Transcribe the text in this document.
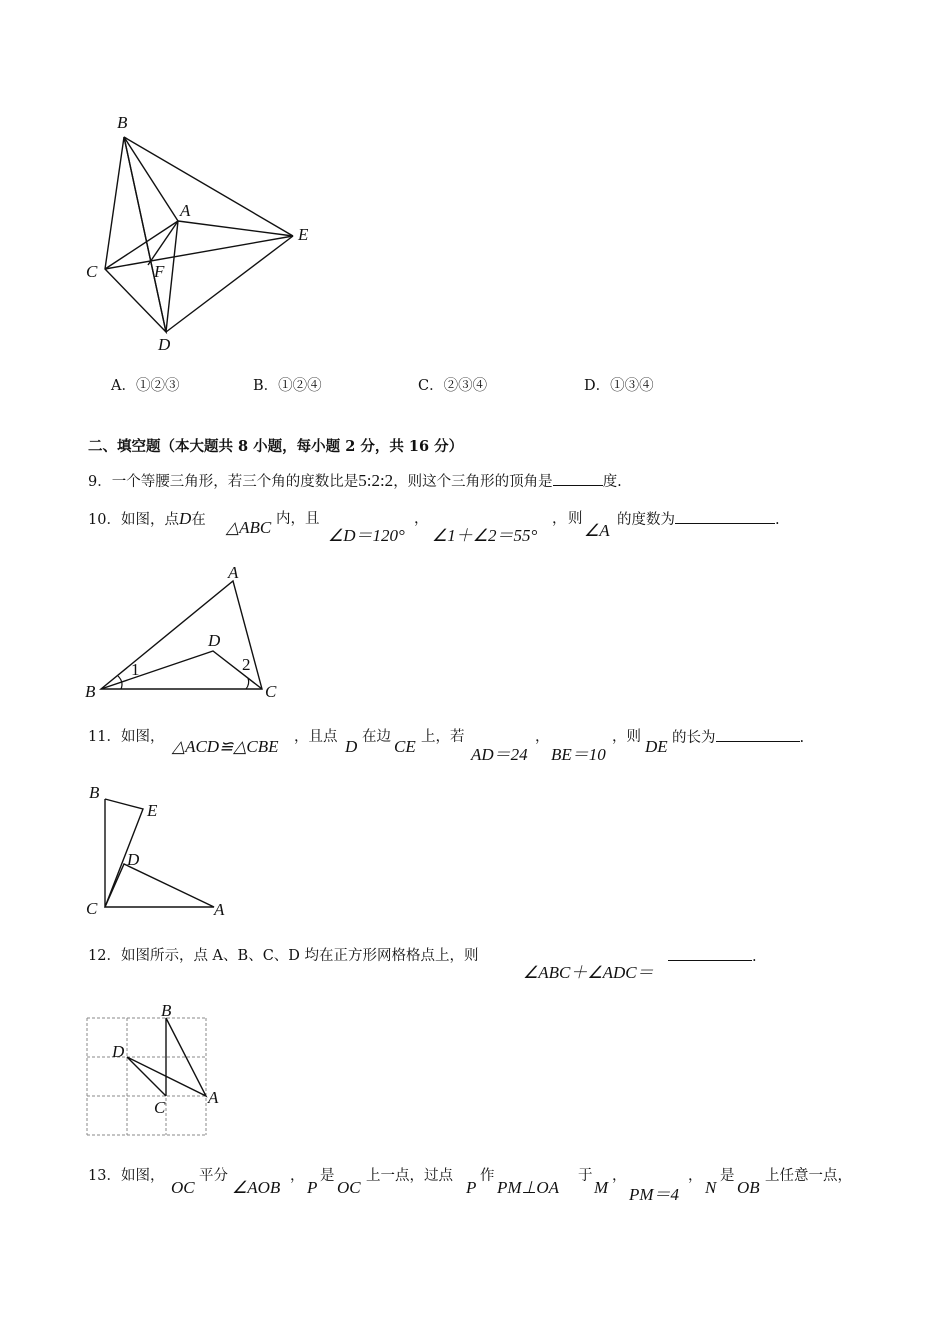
B
A
E
C	F
D
A．①②③	B．①②④	C．②③④	D．①③④
二、填空题（本大题共 8 小题，每小题 2 分，共 16 分）
9．一个等腰三角形，若三个角的度数比是5:2:2，则这个三角形的顶角是	度.
10．如图，点D在 △ABC 内，且
∠D＝120°
，
∠1＋∠2＝55°
， 则
∠A
的度数为	.
A
D
B	C
1	2
11．如图， △ACD≌△CBE ，且点 D 在边 CE 上，若
AD＝24
，
BE＝10
，则 DE 的长为	.
B
E
D
C	A
12．如图所示，点 A、B、C、D 均在正方形网格格点上，则
∠ABC＋∠ADC＝
.
B
D
C
A
13．如图，
OC
平分
∠AOB
，
P
是
OC
上一点，过点
P
作
PM⊥OA
于
M
，
PM＝4
，
N
是
OB
上任意一点，
